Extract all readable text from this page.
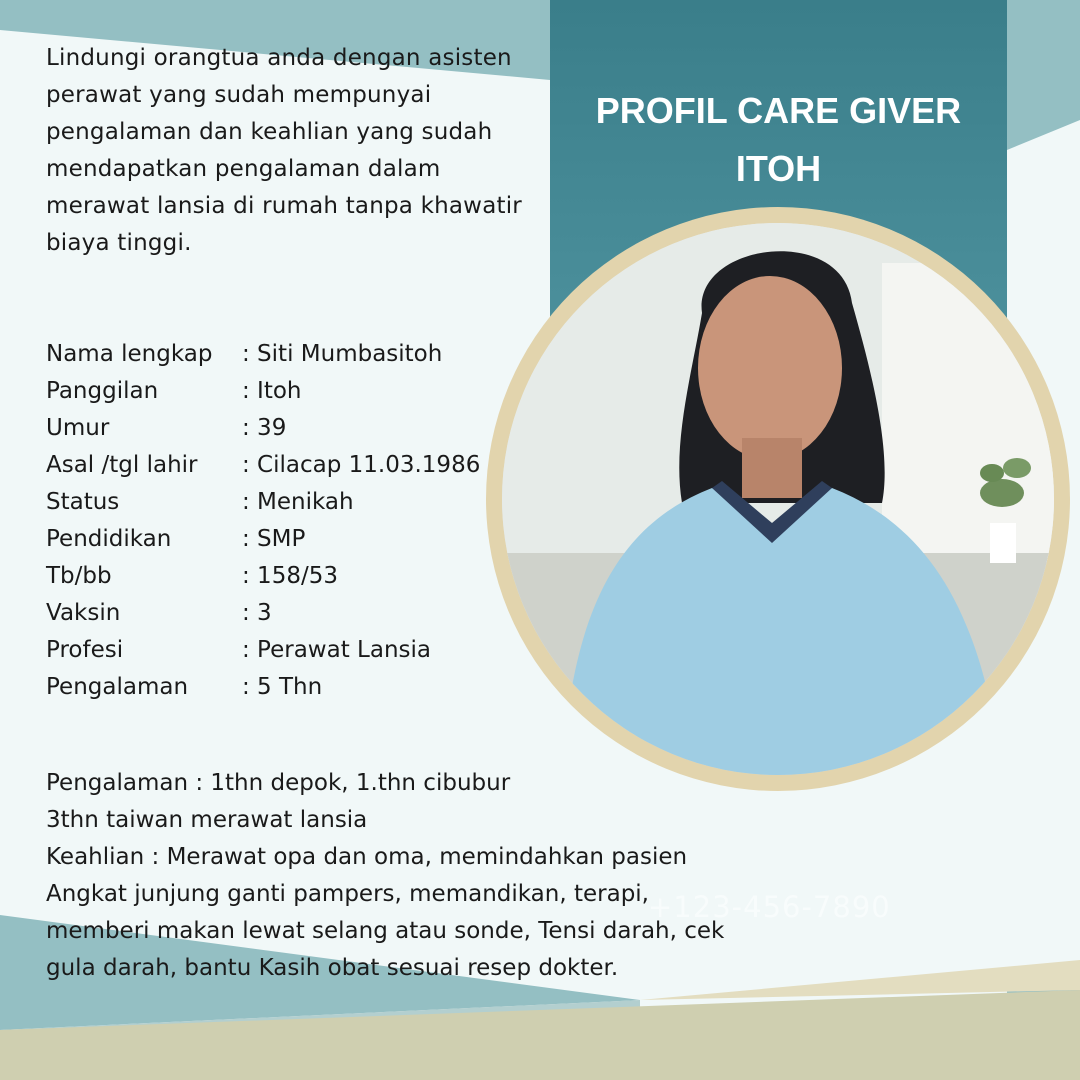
Lindungi orangtua anda dengan asisten
perawat yang sudah mempunyai
pengalaman dan keahlian yang sudah
mendapatkan pengalaman dalam
merawat lansia di rumah tanpa khawatir
biaya tinggi.
PROFIL CARE GIVER
ITOH
Nama lengkap	: Siti Mumbasitoh
Panggilan	: Itoh
Umur	: 39
Asal /tgl lahir	: Cilacap 11.03.1986
Status	: Menikah
Pendidikan	: SMP
Tb/bb	: 158/53
Vaksin	: 3
Profesi	: Perawat Lansia
Pengalaman	: 5 Thn
+123-456-7890
Pengalaman : 1thn depok, 1.thn cibubur
3thn taiwan merawat lansia
Keahlian : Merawat opa dan oma, memindahkan pasien
Angkat junjung ganti pampers, memandikan, terapi,
memberi makan lewat selang atau sonde, Tensi darah, cek
gula darah, bantu Kasih obat sesuai resep dokter.
